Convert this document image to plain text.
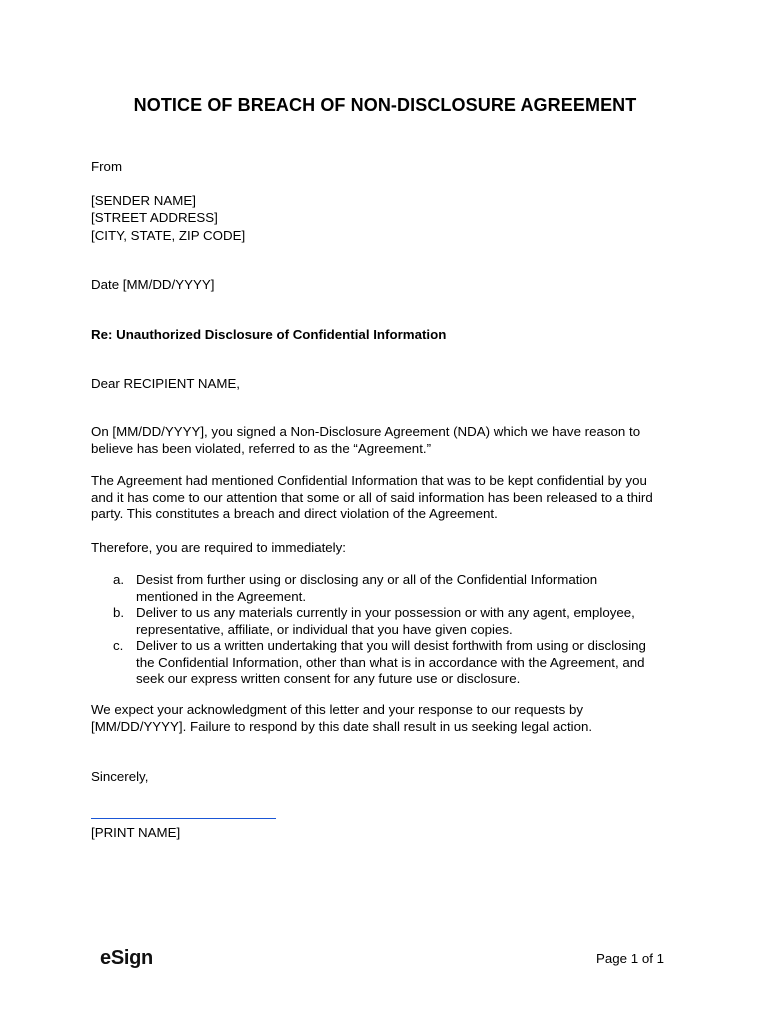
NOTICE OF BREACH OF NON-DISCLOSURE AGREEMENT
From
[SENDER NAME]
[STREET ADDRESS]
[CITY, STATE, ZIP CODE]
Date [MM/DD/YYYY]
Re: Unauthorized Disclosure of Confidential Information
Dear RECIPIENT NAME,
On [MM/DD/YYYY], you signed a Non-Disclosure Agreement (NDA) which we have reason to
believe has been violated, referred to as the “Agreement.”
The Agreement had mentioned Confidential Information that was to be kept confidential by you
and it has come to our attention that some or all of said information has been released to a third
party. This constitutes a breach and direct violation of the Agreement.
Therefore, you are required to immediately:
a. Desist from further using or disclosing any or all of the Confidential Information
mentioned in the Agreement.
b. Deliver to us any materials currently in your possession or with any agent, employee,
representative, affiliate, or individual that you have given copies.
c. Deliver to us a written undertaking that you will desist forthwith from using or disclosing
the Confidential Information, other than what is in accordance with the Agreement, and
seek our express written consent for any future use or disclosure.
We expect your acknowledgment of this letter and your response to our requests by
[MM/DD/YYYY]. Failure to respond by this date shall result in us seeking legal action.
Sincerely,
[PRINT NAME]
eSign	Page 1 of 1
